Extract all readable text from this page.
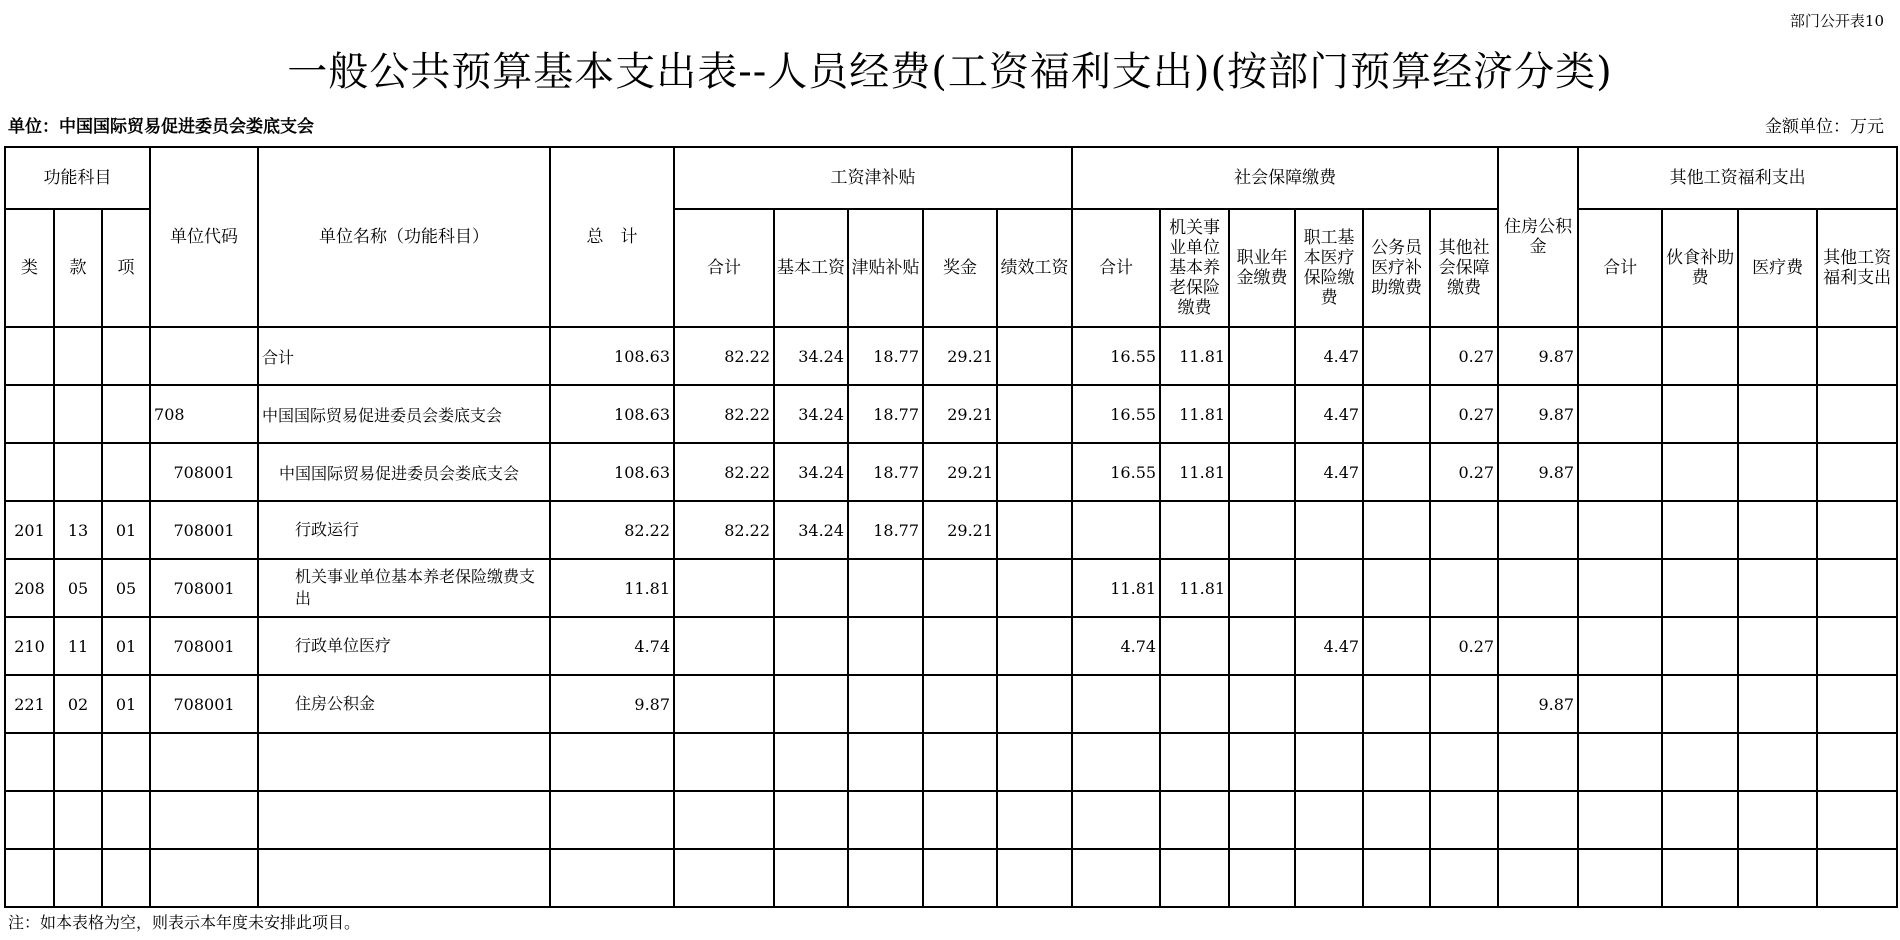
部门公开表10
一般公共预算基本支出表--人员经费(工资福利支出)(按部门预算经济分类)
单位：中国国际贸易促进委员会娄底支会	金额单位：万元
功能科目			单位代码	单位名称（功能科目）	总　计	工资津补贴					社会保障缴费						住房公积金	其他工资福利支出			
类	款	项				合计	基本工资	津贴补贴	奖金	绩效工资	合计	机关事业单位基本养老保险缴费	职业年金缴费	职工基本医疗保险缴费	公务员医疗补助缴费	其他社会保障缴费		合计	伙食补助费	医疗费	其他工资福利支出
				合计	108.63	82.22	34.24	18.77	29.21		16.55	11.81		4.47		0.27	9.87				
			708	中国国际贸易促进委员会娄底支会	108.63	82.22	34.24	18.77	29.21		16.55	11.81		4.47		0.27	9.87				
			708001	中国国际贸易促进委员会娄底支会	108.63	82.22	34.24	18.77	29.21		16.55	11.81		4.47		0.27	9.87				
201	13	01	708001	行政运行	82.22	82.22	34.24	18.77	29.21												
208	05	05	708001	机关事业单位基本养老保险缴费支出	11.81						11.81	11.81									
210	11	01	708001	行政单位医疗	4.74						4.74			4.47		0.27					
221	02	01	708001	住房公积金	9.87												9.87				

注：如本表格为空，则表示本年度未安排此项目。
